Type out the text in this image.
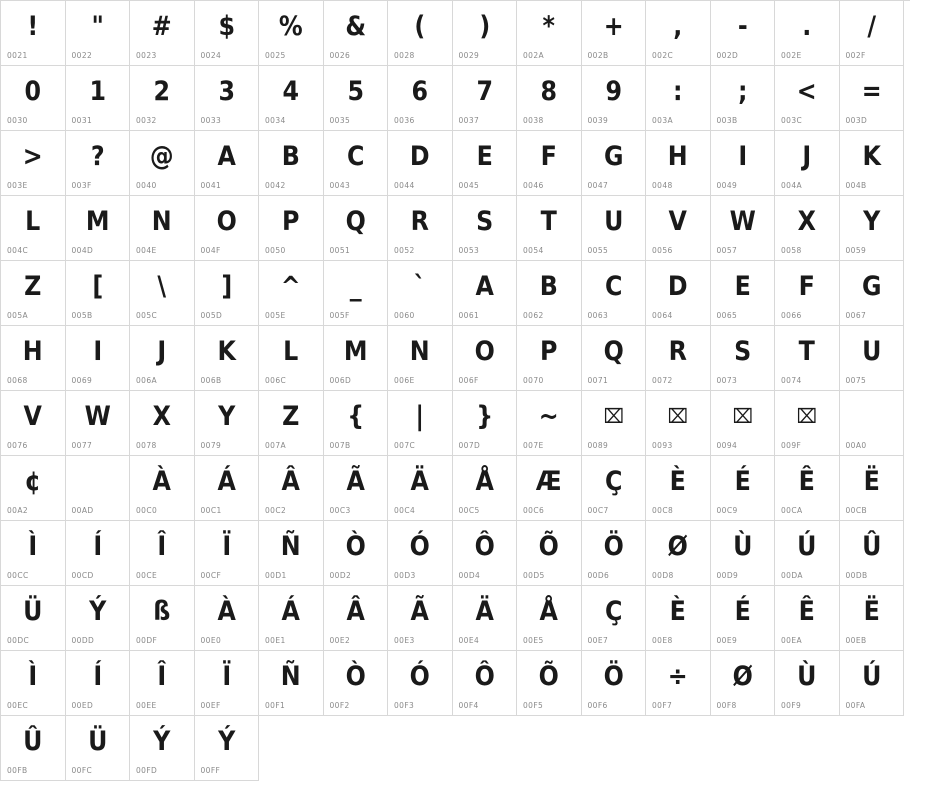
!
0021
"
0022
#
0023
$
0024
%
0025
&
0026
(
0028
)
0029
*
002A
+
002B
,
002C
-
002D
.
002E
/
002F
0
0030
1
0031
2
0032
3
0033
4
0034
5
0035
6
0036
7
0037
8
0038
9
0039
:
003A
;
003B
<
003C
=
003D
>
003E
?
003F
@
0040
A
0041
B
0042
C
0043
D
0044
E
0045
F
0046
G
0047
H
0048
I
0049
J
004A
K
004B
L
004C
M
004D
N
004E
O
004F
P
0050
Q
0051
R
0052
S
0053
T
0054
U
0055
V
0056
W
0057
X
0058
Y
0059
Z
005A
[
005B
\
005C
]
005D
^
005E
_
005F
`
0060
A
0061
B
0062
C
0063
D
0064
E
0065
F
0066
G
0067
H
0068
I
0069
J
006A
K
006B
L
006C
M
006D
N
006E
O
006F
P
0070
Q
0071
R
0072
S
0073
T
0074
U
0075
V
0076
W
0077
X
0078
Y
0079
Z
007A
{
007B
|
007C
}
007D
~
007E
⌧
0089
⌧
0093
⌧
0094
⌧
009F	00A0
¢
00A2	00AD
À
00C0
Á
00C1
Â
00C2
Ã
00C3
Ä
00C4
Å
00C5
Æ
00C6
Ç
00C7
È
00C8
É
00C9
Ê
00CA
Ë
00CB
Ì
00CC
Í
00CD
Î
00CE
Ï
00CF
Ñ
00D1
Ò
00D2
Ó
00D3
Ô
00D4
Õ
00D5
Ö
00D6
Ø
00D8
Ù
00D9
Ú
00DA
Û
00DB
Ü
00DC
Ý
00DD
ß
00DF
À
00E0
Á
00E1
Â
00E2
Ã
00E3
Ä
00E4
Å
00E5
Ç
00E7
È
00E8
É
00E9
Ê
00EA
Ë
00EB
Ì
00EC
Í
00ED
Î
00EE
Ï
00EF
Ñ
00F1
Ò
00F2
Ó
00F3
Ô
00F4
Õ
00F5
Ö
00F6
÷
00F7
Ø
00F8
Ù
00F9
Ú
00FA
Û
00FB
Ü
00FC
Ý
00FD
Ý
00FF
